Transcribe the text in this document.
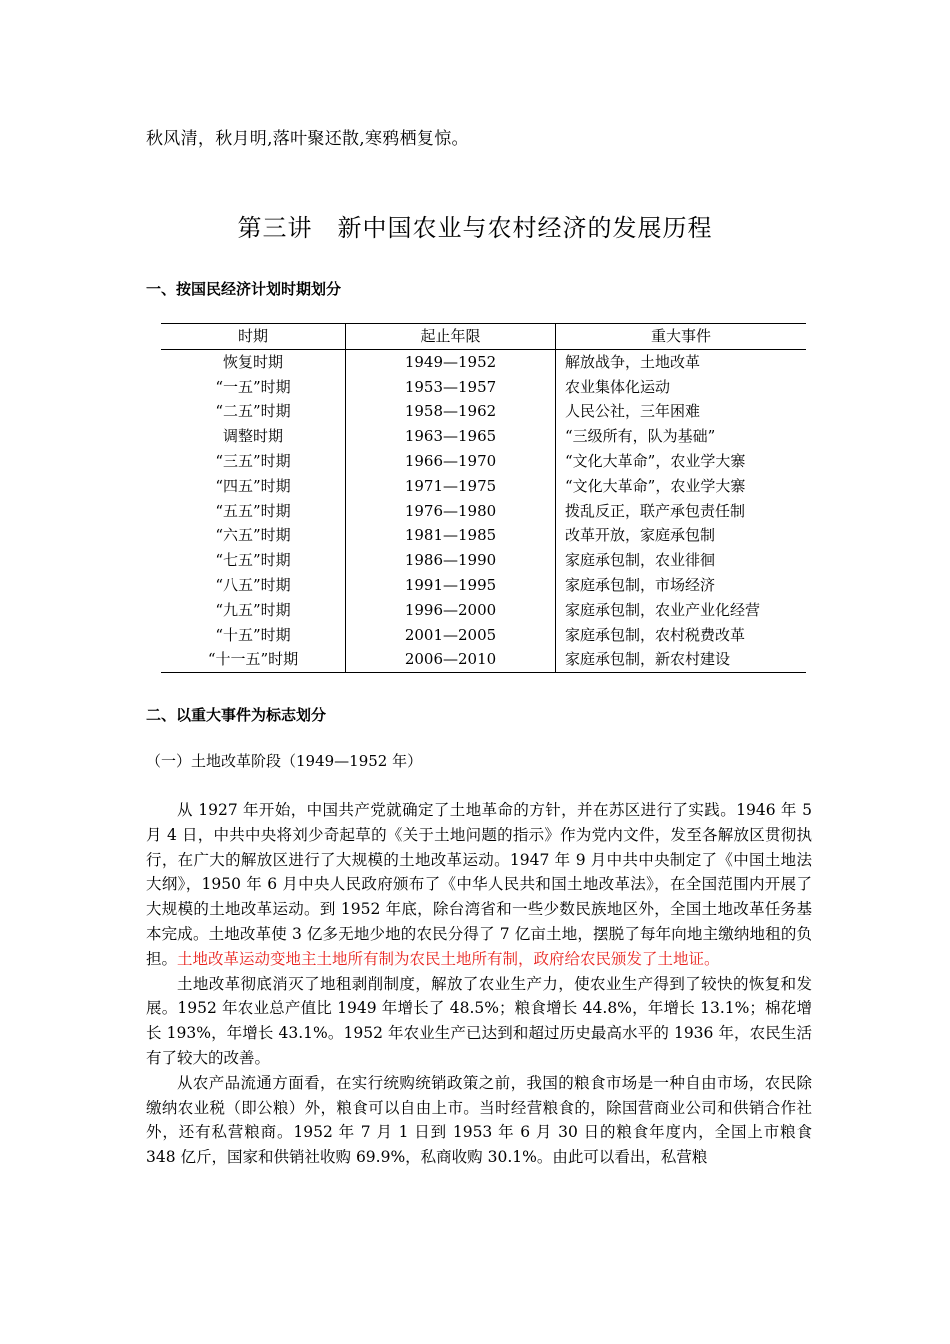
秋风清，秋月明,落叶聚还散,寒鸦栖复惊。
第三讲　新中国农业与农村经济的发展历程
一、按国民经济计划时期划分
时期	起止年限	重大事件
恢复时期	1949—1952	解放战争，土地改革
“一五”时期	1953—1957	农业集体化运动
“二五”时期	1958—1962	人民公社，三年困难
调整时期	1963—1965	“三级所有，队为基础”
“三五”时期	1966—1970	“文化大革命”，农业学大寨
“四五”时期	1971—1975	“文化大革命”，农业学大寨
“五五”时期	1976—1980	拨乱反正，联产承包责任制
“六五”时期	1981—1985	改革开放，家庭承包制
“七五”时期	1986—1990	家庭承包制，农业徘徊
“八五”时期	1991—1995	家庭承包制，市场经济
“九五”时期	1996—2000	家庭承包制，农业产业化经营
“十五”时期	2001—2005	家庭承包制，农村税费改革
“十一五”时期	2006—2010	家庭承包制，新农村建设
二、以重大事件为标志划分
（一）土地改革阶段（1949—1952 年）

从 1927 年开始，中国共产党就确定了土地革命的方针，并在苏区进行了实践。1946 年 5 月 4 日，中共中央将刘少奇起草的《关于土地问题的指示》作为党内文件，发至各解放区贯彻执行，在广大的解放区进行了大规模的土地改革运动。1947 年 9 月中共中央制定了《中国土地法大纲》，1950 年 6 月中央人民政府颁布了《中华人民共和国土地改革法》，在全国范围内开展了大规模的土地改革运动。到 1952 年底，除台湾省和一些少数民族地区外，全国土地改革任务基本完成。土地改革使 3 亿多无地少地的农民分得了 7 亿亩土地，摆脱了每年向地主缴纳地租的负担。土地改革运动变地主土地所有制为农民土地所有制，政府给农民颁发了土地证。

土地改革彻底消灭了地租剥削制度，解放了农业生产力，使农业生产得到了较快的恢复和发展。1952 年农业总产值比 1949 年增长了 48.5%；粮食增长 44.8%，年增长 13.1%；棉花增长 193%，年增长 43.1%。1952 年农业生产已达到和超过历史最高水平的 1936 年，农民生活有了较大的改善。

从农产品流通方面看，在实行统购统销政策之前，我国的粮食市场是一种自由市场，农民除缴纳农业税（即公粮）外，粮食可以自由上市。当时经营粮食的，除国营商业公司和供销合作社外，还有私营粮商。1952 年 7 月 1 日到 1953 年 6 月 30 日的粮食年度内，全国上市粮食 348 亿斤，国家和供销社收购 69.9%，私商收购 30.1%。由此可以看出，私营粮
